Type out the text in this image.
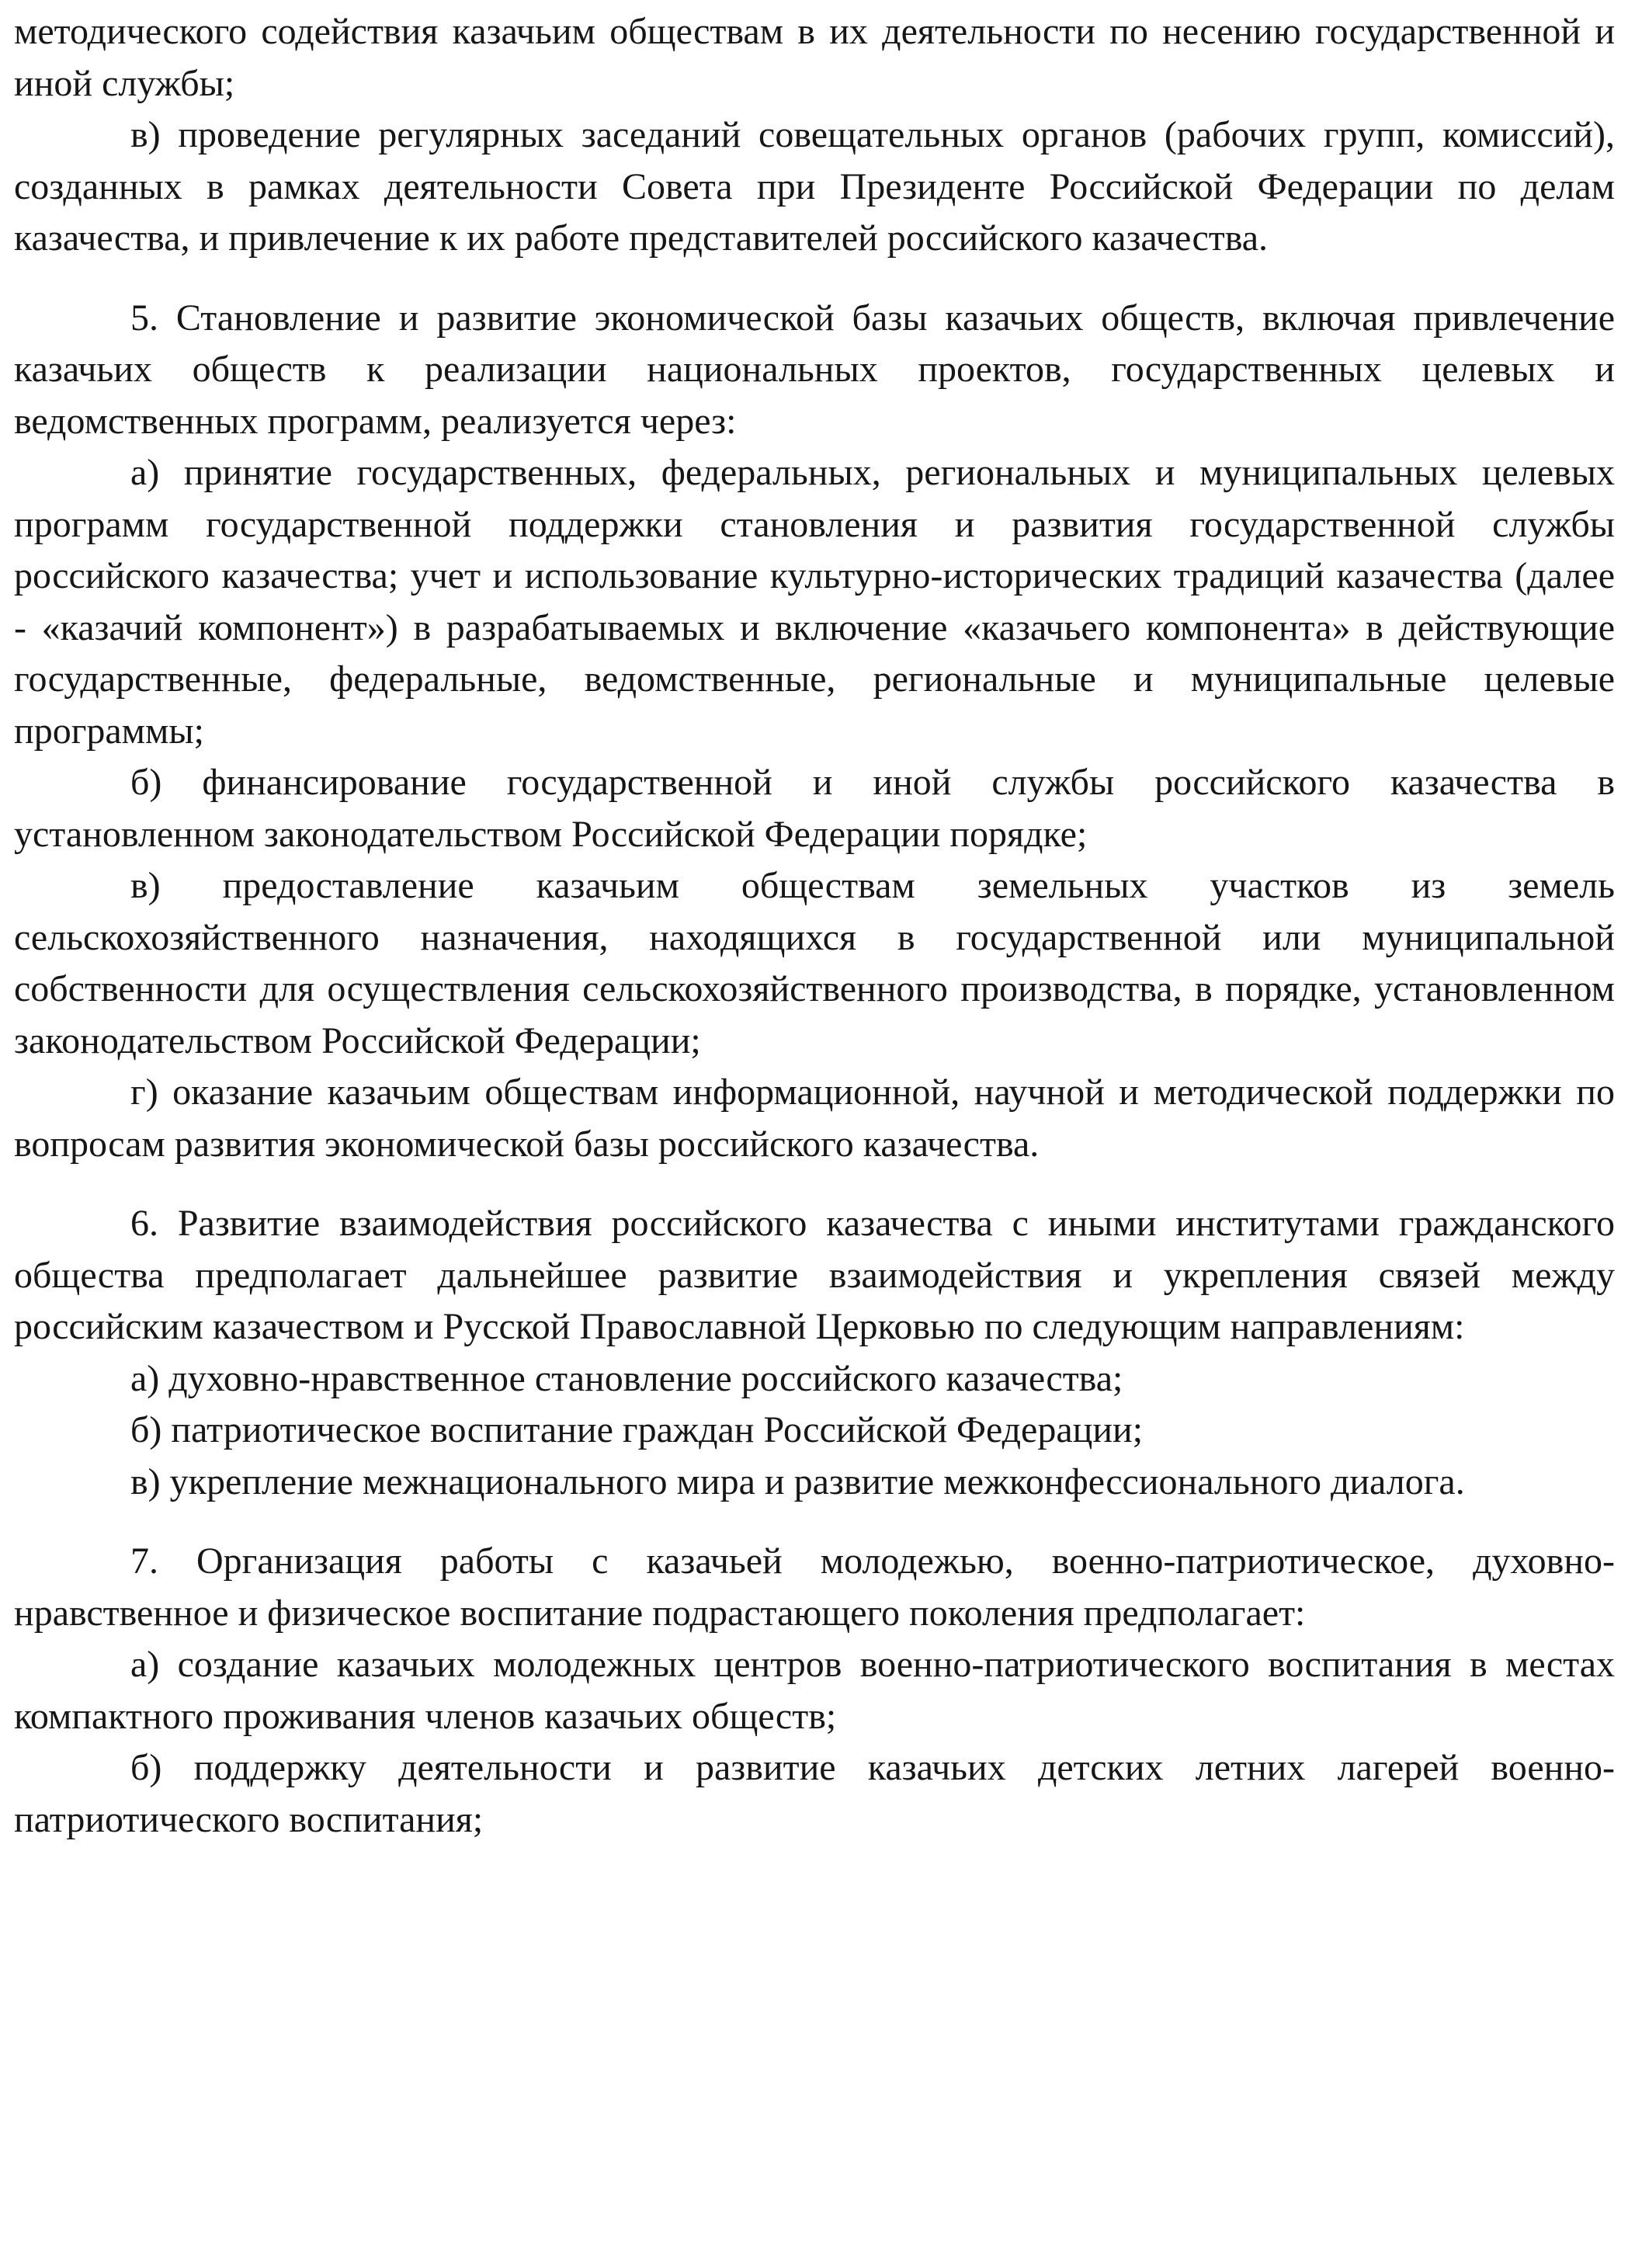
методического содействия казачьим обществам в их деятельности по несению государственной и иной службы;

в) проведение регулярных заседаний совещательных органов (рабочих групп, комиссий), созданных в рамках деятельности Совета при Президенте Российской Федерации по делам казачества, и привлечение к их работе представителей российского казачества.

5. Становление и развитие экономической базы казачьих обществ, включая привлечение казачьих обществ к реализации национальных проектов, государственных целевых и ведомственных программ, реализуется через:

а) принятие государственных, федеральных, региональных и муниципальных целевых программ государственной поддержки становления и развития государственной службы российского казачества; учет и использование культурно-исторических традиций казачества (далее - «казачий компонент») в разрабатываемых и включение «казачьего компонента» в действующие государственные, федеральные, ведомственные, региональные и муниципальные целевые программы;

б) финансирование государственной и иной службы российского казачества в установленном законодательством Российской Федерации порядке;

в) предоставление казачьим обществам земельных участков из земель сельскохозяйственного назначения, находящихся в государственной или муниципальной собственности для осуществления сельскохозяйственного производства, в порядке, установленном законодательством Российской Федерации;

г) оказание казачьим обществам информационной, научной и методической поддержки по вопросам развития экономической базы российского казачества.

6. Развитие взаимодействия российского казачества с иными институтами гражданского общества предполагает дальнейшее развитие взаимодействия и укрепления связей между российским казачеством и Русской Православной Церковью по следующим направлениям:

а) духовно-нравственное становление российского казачества;

б) патриотическое воспитание граждан Российской Федерации;

в) укрепление межнационального мира и развитие межконфессионального диалога.

7. Организация работы с казачьей молодежью, военно-патриотическое, духовно-нравственное и физическое воспитание подрастающего поколения предполагает:

а) создание казачьих молодежных центров военно-патриотического воспитания в местах компактного проживания членов казачьих обществ;

б) поддержку деятельности и развитие казачьих детских летних лагерей военно-патриотического воспитания;
